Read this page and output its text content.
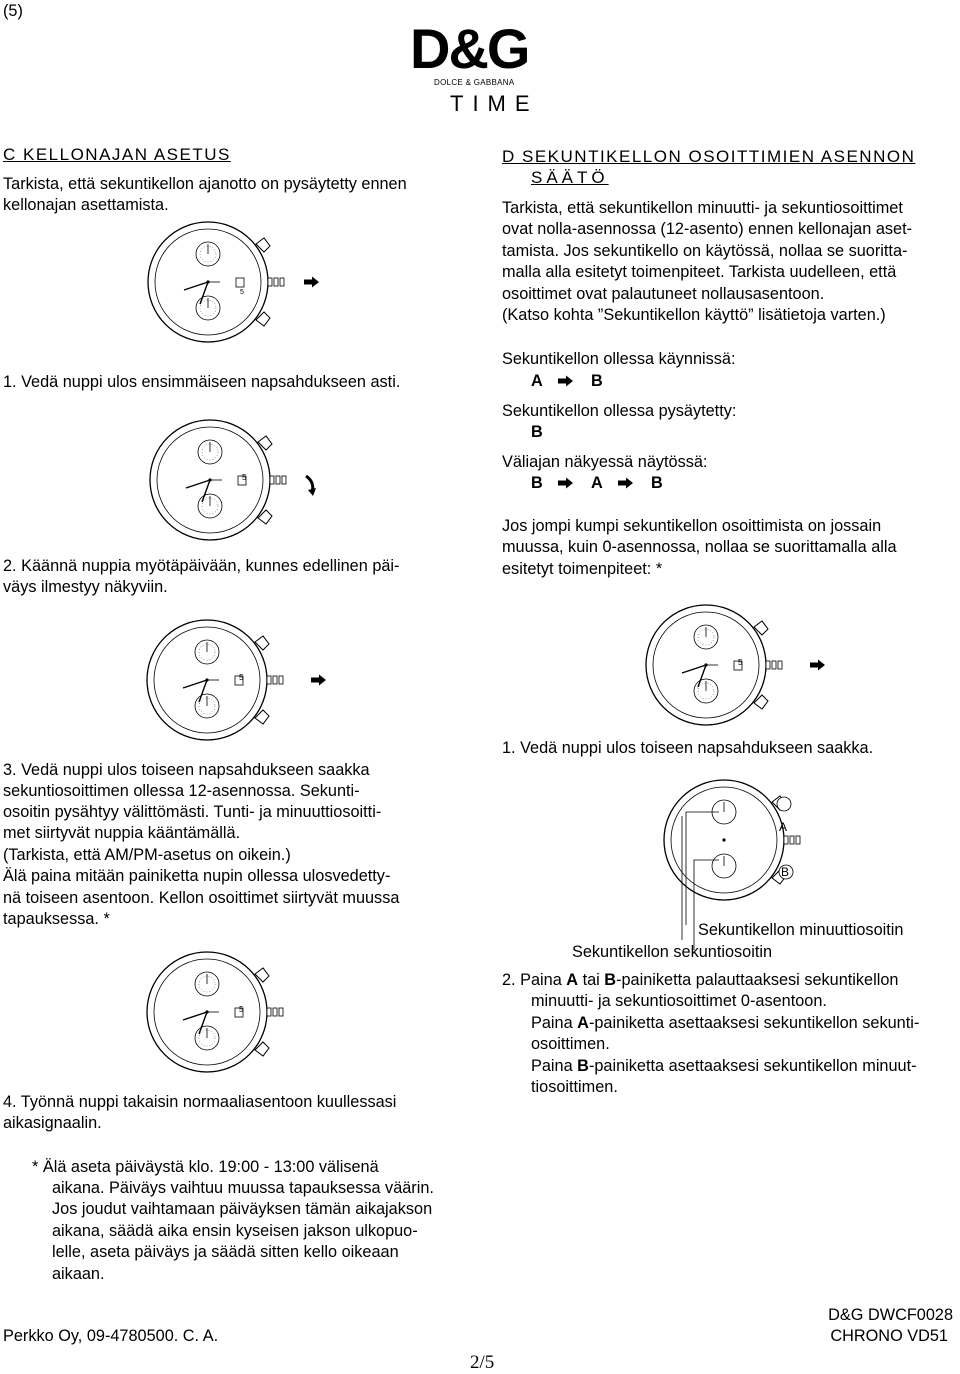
(5)
D&G
DOLCE & GABBANA
TIME
C KELLONAJAN ASETUS
Tarkista, että sekuntikellon ajanotto on pysäytetty ennen
kellonajan asettamista.
1. Vedä nuppi ulos ensimmäiseen napsahdukseen asti.
2. Käännä nuppia myötäpäivään, kunnes edellinen päi-
väys ilmestyy näkyviin.
3. Vedä nuppi ulos toiseen napsahdukseen saakka
sekuntiosoittimen ollessa 12-asennossa. Sekunti-
osoitin pysähtyy välittömästi. Tunti- ja minuuttiosoitti-
met siirtyvät nuppia kääntämällä.
(Tarkista, että AM/PM-asetus on oikein.)
Älä paina mitään painiketta nupin ollessa ulosvedetty-
nä toiseen asentoon. Kellon osoittimet siirtyvät muussa
tapauksessa. *
4. Työnnä nuppi takaisin normaaliasentoon kuullessasi
aikasignaalin.
* Älä aseta päiväystä klo. 19:00 - 13:00 välisenä
aikana. Päiväys vaihtuu muussa tapauksessa väärin.
Jos joudut vaihtamaan päiväyksen tämän aikajakson
aikana, säädä aika ensin kyseisen jakson ulkopuo-
lelle, aseta päiväys ja säädä sitten kello oikeaan
aikaan.
D SEKUNTIKELLON OSOITTIMIEN ASENNON
SÄÄTÖ
Tarkista, että sekuntikellon minuutti- ja sekuntiosoittimet
ovat nolla-asennossa (12-asento) ennen kellonajan aset-
tamista. Jos sekuntikello on käytössä, nollaa se suoritta-
malla alla esitetyt toimenpiteet. Tarkista uudelleen, että
osoittimet ovat palautuneet nollausasentoon.
(Katso kohta ”Sekuntikellon käyttö” lisätietoja varten.)
Sekuntikellon ollessa käynnissä:
A	B
Sekuntikellon ollessa pysäytetty:
B
Väliajan näkyessä näytössä:
B	A	B
Jos jompi kumpi sekuntikellon osoittimista on jossain
muussa, kuin 0-asennossa, nollaa se suorittamalla alla
esitetyt toimenpiteet: *
1. Vedä nuppi ulos toiseen napsahdukseen saakka.
A
B
Sekuntikellon minuuttiosoitin
Sekuntikellon sekuntiosoitin
2. Paina A tai B-painiketta palauttaaksesi sekuntikellon
minuutti- ja sekuntiosoittimet 0-asentoon.
Paina A-painiketta asettaaksesi sekuntikellon sekunti-
osoittimen.
Paina B-painiketta asettaaksesi sekuntikellon minuut-
tiosoittimen.
Perkko Oy, 09-4780500. C. A.
2/5
D&G DWCF0028
CHRONO VD51
5
5
5
5
5
